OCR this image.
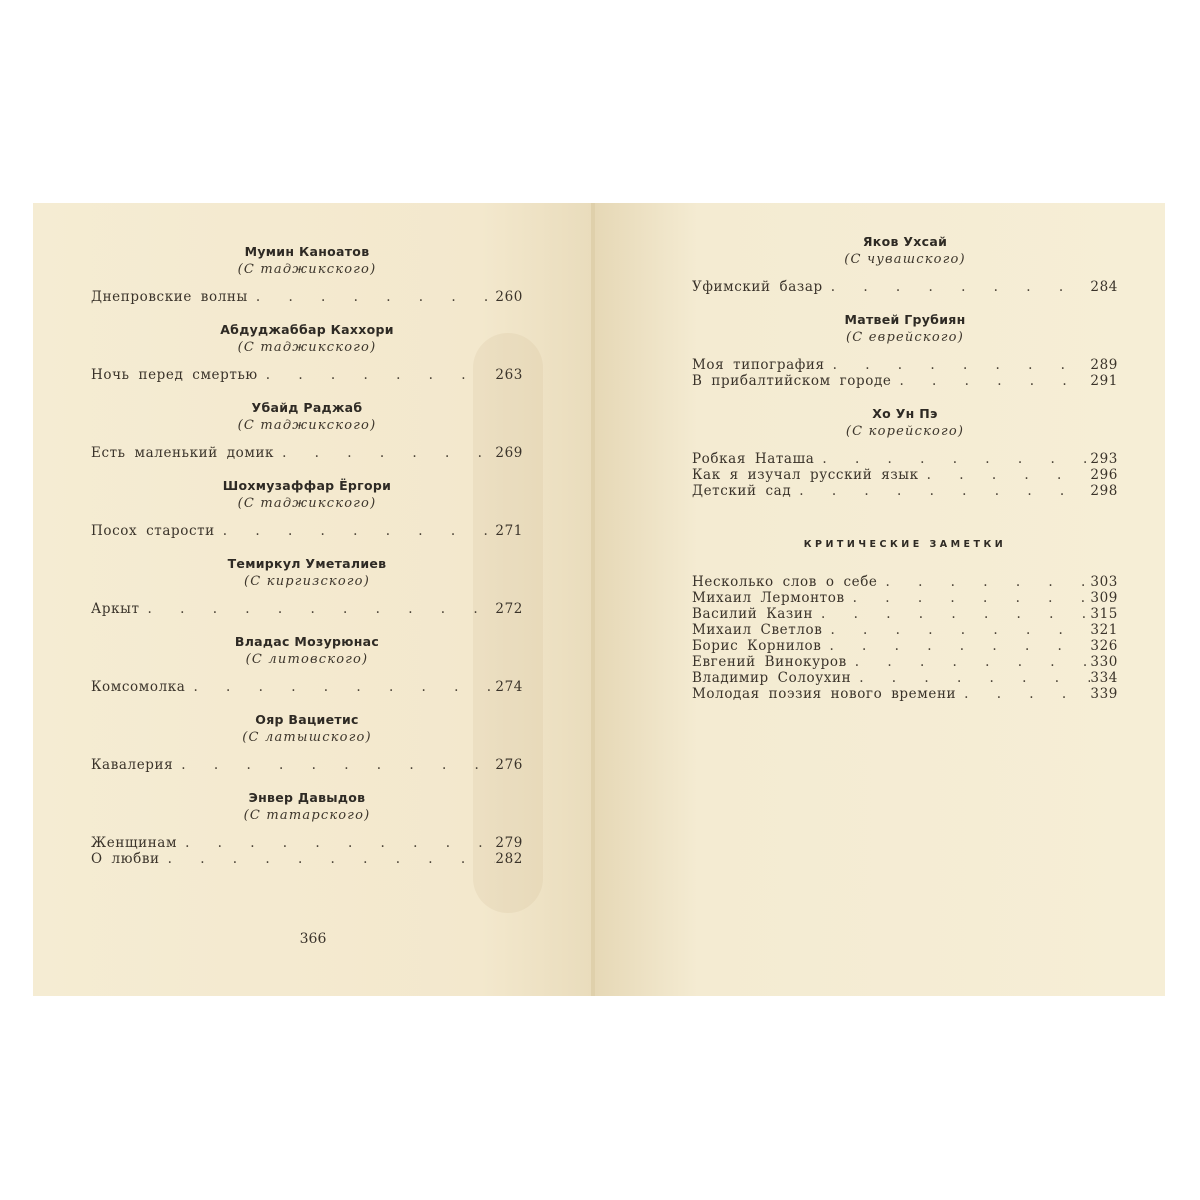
Мумин Каноатов
(С таджикского)
Днепровские волны . . .	260
Абдуджаббар Каххори
(С таджикского)
Ночь перед смертью . . .	263
Убайд Раджаб
(С таджикского)
Есть маленький домик . . .	269
Шохмузаффар Ёргори
(С таджикского)
Посох старости . . .	271
Темиркул Уметалиев
(С киргизского)
Аркыт . . .	272
Владас Мозурюнас
(С литовского)
Комсомолка . . .	274
Ояр Вациетис
(С латышского)
Кавалерия . . .	276
Энвер Давыдов
(С татарского)
Женщинам . . .	279
О любви . . .	282
366
Яков Ухсай
(С чувашского)
Уфимский базар . . .	284
Матвей Грубиян
(С еврейского)
Моя типография . . .	289
В прибалтийском городе . . .	291
Хо Ун Пэ
(С корейского)
Робкая Наташа . . .	293
Как я изучал русский язык . . .	296
Детский сад . . .	298
КРИТИЧЕСКИЕ ЗАМЕТКИ
Несколько слов о себе . . .	303
Михаил Лермонтов . . .	309
Василий Казин . . .	315
Михаил Светлов . . .	321
Борис Корнилов . . .	326
Евгений Винокуров . . .	330
Владимир Солоухин . . .	334
Молодая поэзия нового времени . . .	339
